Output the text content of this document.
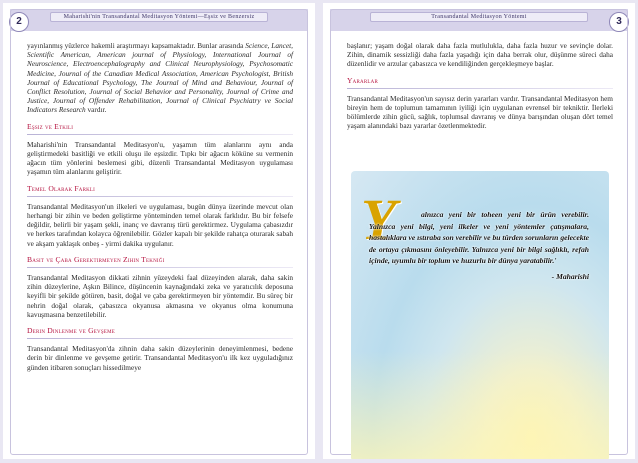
Maharishi'nin Transandantal Meditasyon Yöntemi—Eşsiz ve Benzersiz
2

yayınlanmış yüzlerce hakemli araştırmayı kapsamaktadır. Bunlar arasında Science, Lancet, Scientific American, American journal of Physiology, International Journal of Neuroscience, Electroencephalography and Clinical Neurophysiology, Psychosomatic Medicine, Journal of the Canadian Medical Association, American Psychologist, British Journal of Educational Psychology, The Journal of Mind and Behaviour, Journal of Conflict Resolution, Journal of Social Behavior and Personality, Journal of Crime and Justice, Journal of Offender Rehabilitation, Journal of Clinical Psychiatry ve Social Indicators Research vardır.

Eşsiz ve Etkili

Maharishi'nin Transandantal Meditasyon'u, yaşamın tüm alanlarını aynı anda geliştirmedeki basitliği ve etkili oluşu ile eşsizdir. Tıpkı bir ağacın köküne su vermenin ağacın tüm yönlerini beslemesi gibi, düzenli Transandantal Meditasyon uygulaması yaşamın tüm alanlarını geliştirir.

Temel Olarak Farklı

Transandantal Meditasyon'un ilkeleri ve uygulaması, bugün dünya üzerinde mevcut olan herhangi bir zihin ve beden geliştirme yönteminden temel olarak farklıdır. Bu bir felsefe değildir, belirli bir yaşam şekli, inanç ve davranış türü gerektirmez. Uygulama çabasızdır ve herkes tarafından kolayca öğrenilebilir. Gözler kapalı bir şekilde rahatça oturarak sabah ve akşam yaklaşık onbeş - yirmi dakika uygulanır.

Basit ve Çaba Gerektirmeyen Zihin Tekniği

Transandantal Meditasyon dikkati zihnin yüzeydeki faal düzeyinden alarak, daha sakin zihin düzeylerine, Aşkın Bilince, düşüncenin kaynağındaki zeka ve yaratıcılık deposuna keyifli bir şekilde götüren, basit, doğal ve çaba gerektirmeyen bir yöntemdir. Bu süreç bir nehrin doğal olarak, çabasızca okyanusa akmasına ve okyanus olma konumuna kavuşmasına benzetilebilir.

Derin Dinlenme ve Gevşeme

Transandantal Meditasyon'da zihnin daha sakin düzeylerinin deneyimlenmesi, bedene derin bir dinlenme ve gevşeme getirir. Transandantal Meditasyon'u ilk kez uyguladığınız günden itibaren sonuçları hissedilmeye

Transandantal Meditasyon Yöntemi	3

başlanır; yaşam doğal olarak daha fazla mutlulukla, daha fazla huzur ve sevinçle dolar. Zihin, dinamik sessizliği daha fazla yaşadığı için daha berrak olur, düşünme süreci daha düzenlidir ve arzular çabasızca ve kendiliğinden gerçekleşmeye başlar.

Yararlar

Transandantal Meditasyon'un sayısız derin yararları vardır. Transandantal Meditasyon hem bireyin hem de toplumun tamamının iyiliği için uygulanan evrensel bir tekniktir. İlerleki bölümlerde zihin gücü, sağlık, toplumsal davranış ve dünya barışından oluşan dört temel yaşam alanındaki bazı yararlar özetlenmektedir.

Y	alnızca yeni bir toheen yeni bir ürün verebilir. Yalnızca yeni bilgi, yeni ilkeler ve yeni yöntemler çatışmalara, hastalıklara ve ıstıraba son verebilir ve bu türden sorunların gelecekte de ortaya çıkmasını önleyebilir. Yalnızca yeni bir bilgi sağlıklı, refah içinde, uyumlu bir toplum ve huzurlu bir dünya yaratabilir.'
- Maharishi
